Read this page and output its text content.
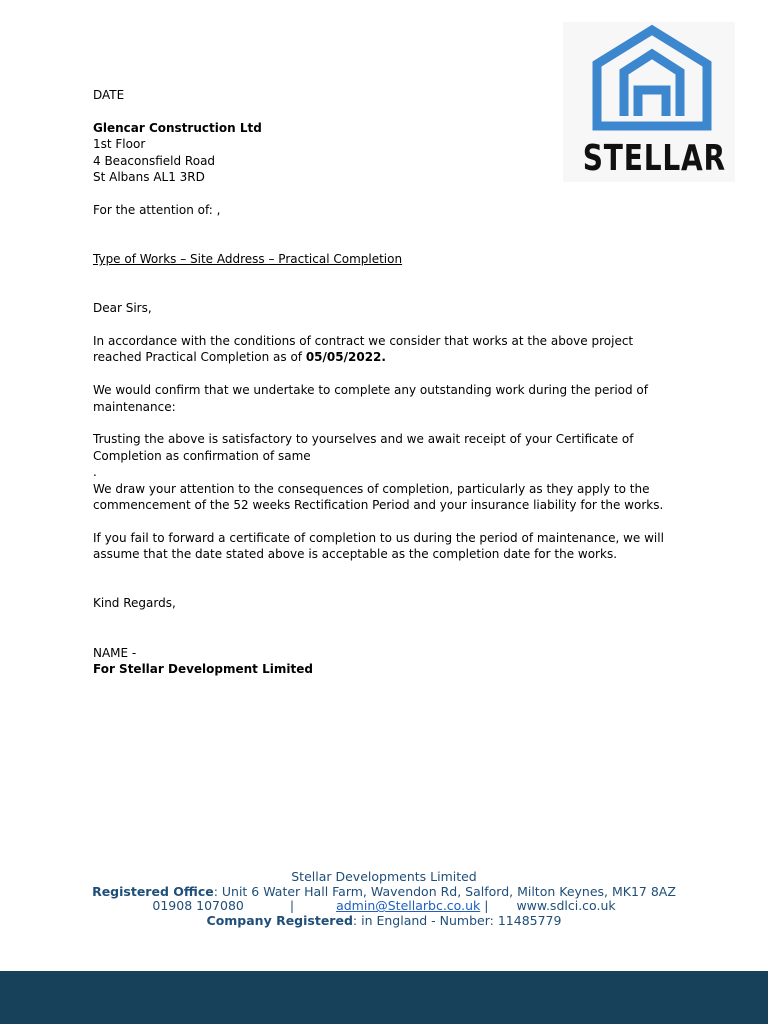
STELLAR

DATE

Glencar Construction Ltd

1st Floor

4 Beaconsfield Road

St Albans AL1 3RD

For the attention of: ,

Type of Works – Site Address – Practical Completion

Dear Sirs,

In accordance with the conditions of contract we consider that works at the above project reached Practical Completion as of 05/05/2022.

We would confirm that we undertake to complete any outstanding work during the period of maintenance:

Trusting the above is satisfactory to yourselves and we await receipt of your Certificate of Completion as confirmation of same

.

We draw your attention to the consequences of completion, particularly as they apply to the commencement of the 52 weeks Rectification Period and your insurance liability for the works.

If you fail to forward a certificate of completion to us during the period of maintenance, we will assume that the date stated above is acceptable as the completion date for the works.

Kind Regards,

NAME -

For Stellar Development Limited

Stellar Developments Limited
Registered Office: Unit 6 Water Hall Farm, Wavendon Rd, Salford, Milton Keynes, MK17 8AZ
01908 107080	|	admin@Stellarbc.co.uk | www.sdlci.co.uk
Company Registered: in England - Number: 11485779
